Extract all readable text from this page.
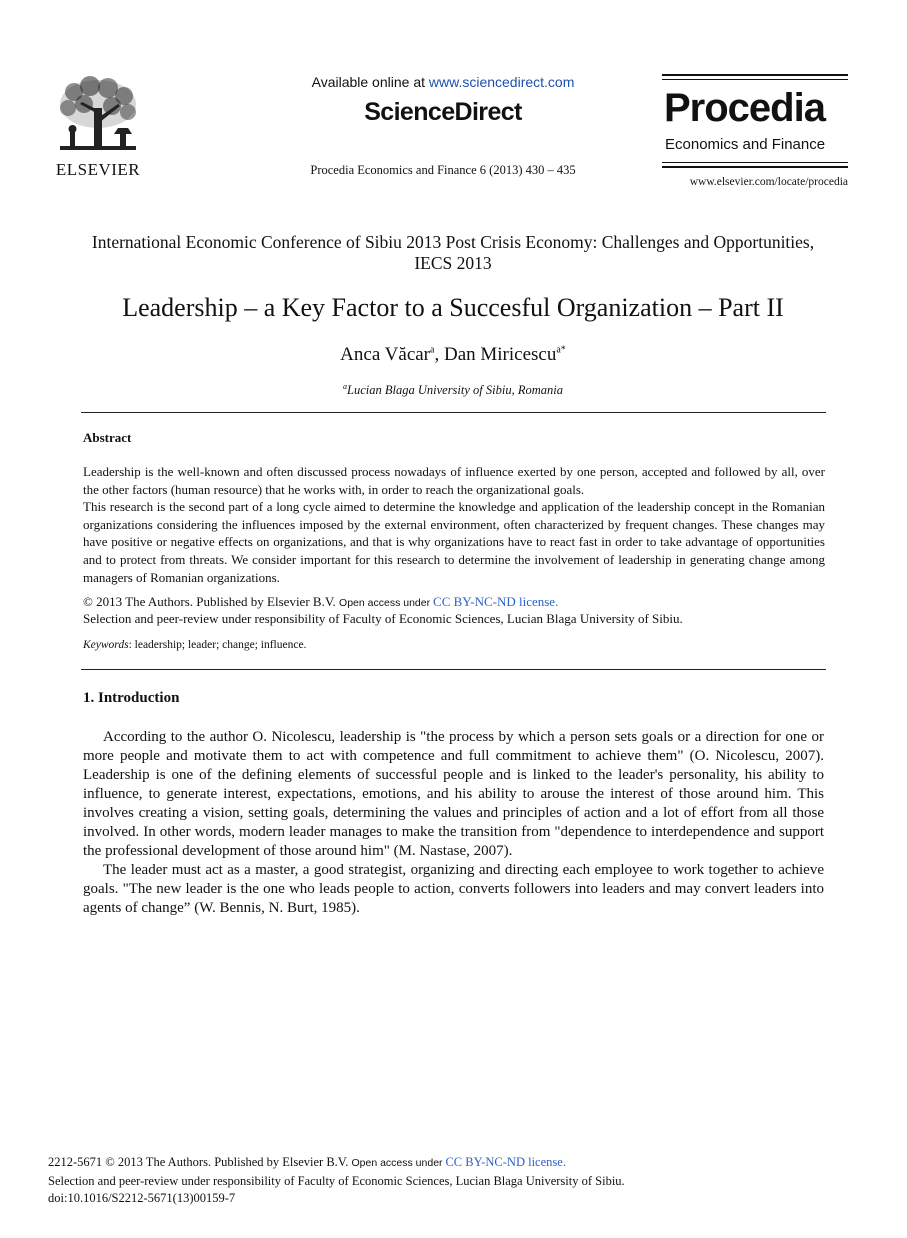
ELSEVIER
Available online at www.sciencedirect.com
ScienceDirect
Procedia Economics and Finance 6 (2013) 430 – 435
Procedia
Economics and Finance
www.elsevier.com/locate/procedia
International Economic Conference of Sibiu 2013 Post Crisis Economy: Challenges and Opportunities, IECS 2013
Leadership – a Key Factor to a Succesful Organization – Part II
Anca Văcar$^a$, Dan Miricescu$^{a*}$
$^a$Lucian Blaga University of Sibiu, Romania
Abstract

Leadership is the well-known and often discussed process nowadays of influence exerted by one person, accepted and followed by all, over the other factors (human resource) that he works with, in order to reach the organizational goals.

This research is the second part of a long cycle aimed to determine the knowledge and application of the leadership concept in the Romanian organizations considering the influences imposed by the external environment, often characterized by frequent changes. These changes may have positive or negative effects on organizations, and that is why organizations have to react fast in order to take advantage of opportunities and to protect from threats. We consider important for this research to determine the involvement of leadership in generating change among managers of Romanian organizations.

© 2013 The Authors. Published by Elsevier B.V. Open access under CC BY-NC-ND license.
Selection and peer-review under responsibility of Faculty of Economic Sciences, Lucian Blaga University of Sibiu.
Keywords: leadership; leader; change; influence.
1. Introduction

According to the author O. Nicolescu, leadership is "the process by which a person sets goals or a direction for one or more people and motivate them to act with competence and full commitment to achieve them" (O. Nicolescu, 2007). Leadership is one of the defining elements of successful people and is linked to the leader's personality, his ability to influence, to generate interest, expectations, emotions, and his ability to arouse the interest of those around him. This involves creating a vision, setting goals, determining the values and principles of action and a lot of effort from all those involved. In other words, modern leader manages to make the transition from "dependence to interdependence and support the professional development of those around him" (M. Nastase, 2007).

The leader must act as a master, a good strategist, organizing and directing each employee to work together to achieve goals. "The new leader is the one who leads people to action, converts followers into leaders and may convert leaders into agents of change” (W. Bennis, N. Burt, 1985).

2212-5671 © 2013 The Authors. Published by Elsevier B.V. Open access under CC BY-NC-ND license.
Selection and peer-review under responsibility of Faculty of Economic Sciences, Lucian Blaga University of Sibiu.
doi:10.1016/S2212-5671(13)00159-7
